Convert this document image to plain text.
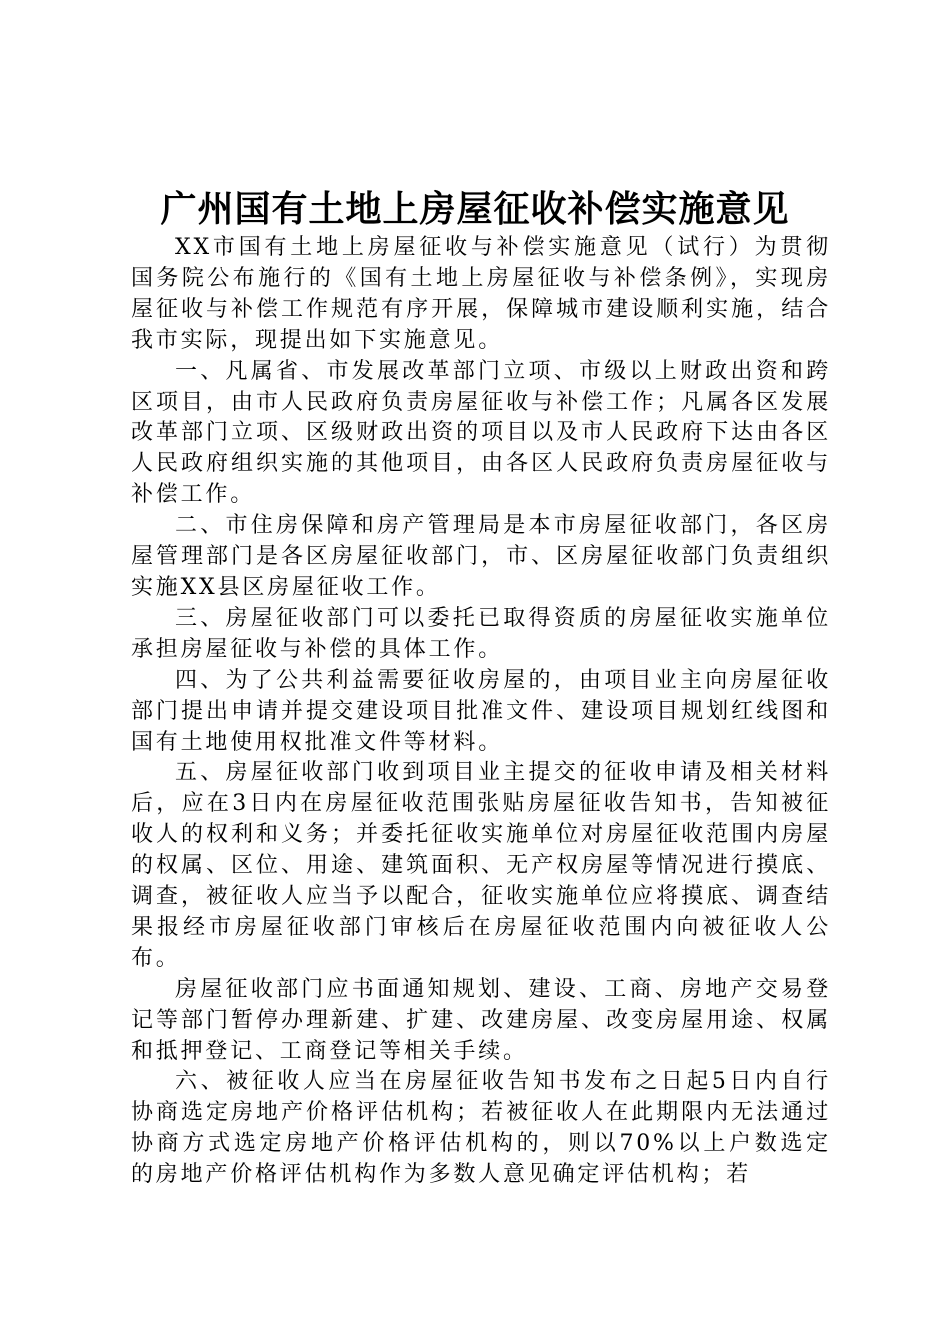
广州国有土地上房屋征收补偿实施意见

XX市国有土地上房屋征收与补偿实施意见（试行）为贯彻国务院公布施行的《国有土地上房屋征收与补偿条例》，实现房屋征收与补偿工作规范有序开展，保障城市建设顺利实施，结合我市实际，现提出如下实施意见。

一、凡属省、市发展改革部门立项、市级以上财政出资和跨区项目，由市人民政府负责房屋征收与补偿工作；凡属各区发展改革部门立项、区级财政出资的项目以及市人民政府下达由各区人民政府组织实施的其他项目，由各区人民政府负责房屋征收与补偿工作。

二、市住房保障和房产管理局是本市房屋征收部门，各区房屋管理部门是各区房屋征收部门，市、区房屋征收部门负责组织实施XX县区房屋征收工作。

三、房屋征收部门可以委托已取得资质的房屋征收实施单位承担房屋征收与补偿的具体工作。

四、为了公共利益需要征收房屋的，由项目业主向房屋征收部门提出申请并提交建设项目批准文件、建设项目规划红线图和国有土地使用权批准文件等材料。

五、房屋征收部门收到项目业主提交的征收申请及相关材料后，应在3日内在房屋征收范围张贴房屋征收告知书，告知被征收人的权利和义务；并委托征收实施单位对房屋征收范围内房屋的权属、区位、用途、建筑面积、无产权房屋等情况进行摸底、调查，被征收人应当予以配合，征收实施单位应将摸底、调查结果报经市房屋征收部门审核后在房屋征收范围内向被征收人公布。

房屋征收部门应书面通知规划、建设、工商、房地产交易登记等部门暂停办理新建、扩建、改建房屋、改变房屋用途、权属和抵押登记、工商登记等相关手续。

六、被征收人应当在房屋征收告知书发布之日起5日内自行协商选定房地产价格评估机构；若被征收人在此期限内无法通过协商方式选定房地产价格评估机构的，则以70%以上户数选定的房地产价格评估机构作为多数人意见确定评估机构；若
